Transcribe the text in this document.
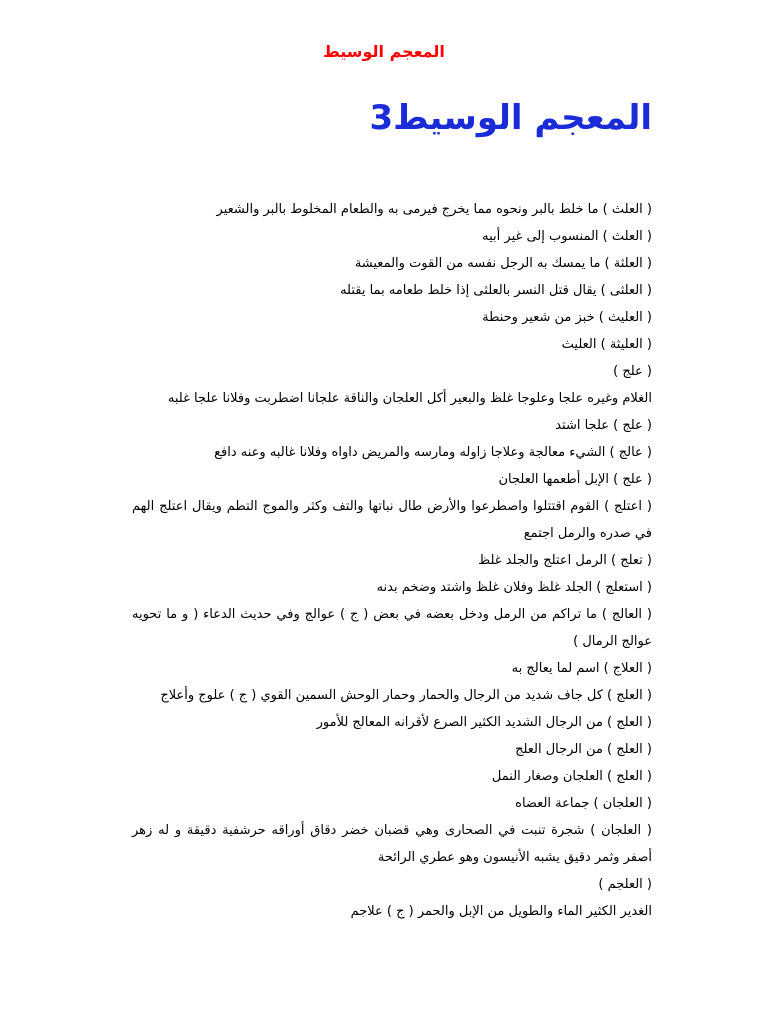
المعجم الوسيط
المعجم الوسيط3

( العلث ) ما خلط بالبر ونحوه مما يخرج فيرمى به والطعام المخلوط بالبر والشعير

( العلث ) المنسوب إلى غير أبيه

( العلثة ) ما يمسك به الرجل نفسه من القوت والمعيشة

( العلثى ) يقال قتل النسر بالعلثى إذا خلط طعامه بما يقتله

( العليث ) خبز من شعير وحنطة

( العليثة ) العليث

( علج )

الغلام وغيره علجا وعلوجا غلظ والبعير أكل العلجان والناقة علجانا اضطربت وفلانا علجا غلبه

( علج ) علجا اشتد

( عالج ) الشيء معالجة وعلاجا زاوله ومارسه والمريض داواه وفلانا غالبه وعنه دافع

( علج ) الإبل أطعمها العلجان

( اعتلج ) القوم اقتتلوا واصطرعوا والأرض طال نباتها والتف وكثر والموج التطم ويقال اعتلج الهم في صدره والرمل اجتمع

( تعلج ) الرمل اعتلج والجلد غلظ

( استعلج ) الجلد غلظ وفلان غلظ واشتد وضخم بدنه

( العالج ) ما تراكم من الرمل ودخل بعضه في بعض ( ج ) عوالج وفي حديث الدعاء ( و ما تحويه عوالج الرمال )

( العلاج ) اسم لما يعالج به

( العلج ) كل جاف شديد من الرجال والحمار وحمار الوحش السمين القوي ( ج ) علوج وأعلاج

( العلج ) من الرجال الشديد الكثير الصرع لأقرانه المعالج للأمور

( العلج ) من الرجال العلج

( العلج ) العلجان وصغار النمل

( العلجان ) جماعة العضاه

( العلجان ) شجرة تنبت في الصحارى وهي قضبان خضر دقاق أوراقه حرشفية دقيقة و له زهر أصفر وثمر دقيق يشبه الأنيسون وهو عطري الرائحة

( العلجم )

الغدير الكثير الماء والطويل من الإبل والحمر ( ج ) علاجم
